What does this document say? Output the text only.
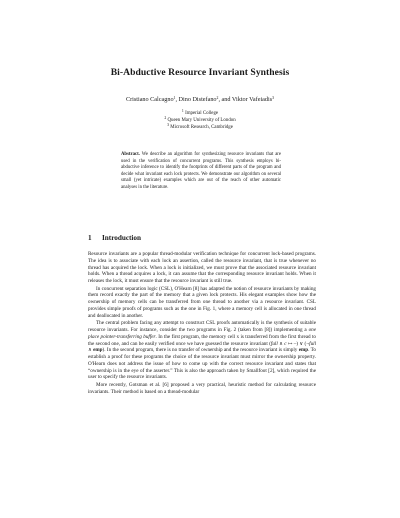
Bi-Abductive Resource Invariant Synthesis
Cristiano Calcagno$^1$, Dino Distefano$^2$, and Viktor Vafeiadis$^3$
$^1$ Imperial College
$^2$ Queen Mary University of London
$^3$ Microsoft Research, Cambridge
Abstract. We describe an algorithm for synthesizing resource invariants that are used in the verification of concurrent programs. This synthesis employs bi-abductive inference to identify the footprints of different parts of the program and decide what invariant each lock protects. We demonstrate our algorithm on several small (yet intricate) examples which are out of the reach of other automatic analyses in the literature.
1 Introduction

Resource invariants are a popular thread-modular verification technique for concurrent lock-based programs. The idea is to associate with each lock an assertion, called the resource invariant, that is true whenever no thread has acquired the lock. When a lock is initialized, we must prove that the associated resource invariant holds. When a thread acquires a lock, it can assume that the corresponding resource invariant holds. When it releases the lock, it must ensure that the resource invariant is still true.

In concurrent separation logic (CSL), O'Hearn [8] has adapted the notion of resource invariants by making them record exactly the part of the memory that a given lock protects. His elegant examples show how the ownership of memory cells can be transferred from one thread to another via a resource invariant. CSL provides simple proofs of programs such as the one in Fig. 1, where a memory cell is allocated in one thread and deallocated in another.

The central problem facing any attempt to construct CSL proofs automatically is the synthesis of suitable resource invariants. For instance, consider the two programs in Fig. 2 (taken from [8]) implementing a one place pointer-transferring buffer. In the first program, the memory cell x is transferred from the first thread to the second one, and can be easily verified once we have guessed the resource invariant (full ∧ c ↦ –) ∨ (¬full ∧ emp). In the second program, there is no transfer of ownership and the resource invariant is simply emp. To establish a proof for these programs the choice of the resource invariant must mirror the ownership property. O'Hearn does not address the issue of how to come up with the correct resource invariant and states that “ownership is in the eye of the asserter.” This is also the approach taken by Smallfoot [2], which required the user to specify the resource invariants.

More recently, Gotsman et al. [6] proposed a very practical, heuristic method for calculating resource invariants. Their method is based on a thread-modular
